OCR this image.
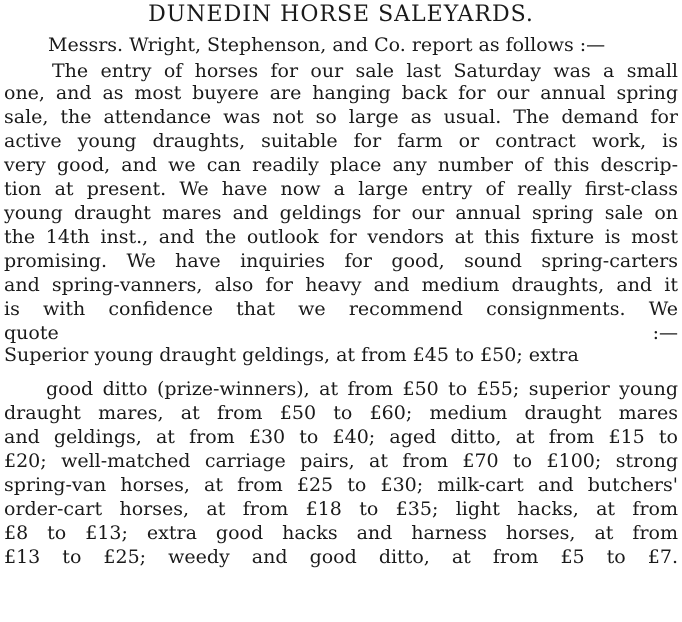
DUNEDIN HORSE SALEYARDS.
Messrs. Wright, Stephenson, and Co. report as follows :—
The entry of horses for our sale last Saturday was a small
one, and as most buyere are hanging back for our annual spring
sale, the attendance was not so large as usual. The demand for
active young draughts, suitable for farm or contract work, is
very good, and we can readily place any number of this descrip-
tion at present. We have now a large entry of really first-class
young draught mares and geldings for our annual spring sale on
the 14th inst., and the outlook for vendors at this fixture is most
promising. We have inquiries for good, sound spring-carters
and spring-vanners, also for heavy and medium draughts, and it
is with confidence that we recommend consignments. We
quote :—
Superior young draught geldings, at from £45 to £50; extra
good ditto (prize-winners), at from £50 to £55; superior young
draught mares, at from £50 to £60; medium draught mares
and geldings, at from £30 to £40; aged ditto, at from £15 to
£20; well-matched carriage pairs, at from £70 to £100; strong
spring-van horses, at from £25 to £30; milk-cart and butchers'
order-cart horses, at from £18 to £35; light hacks, at from
£8 to £13; extra good hacks and harness horses, at from
£13 to £25; weedy and good ditto, at from £5 to £7.
